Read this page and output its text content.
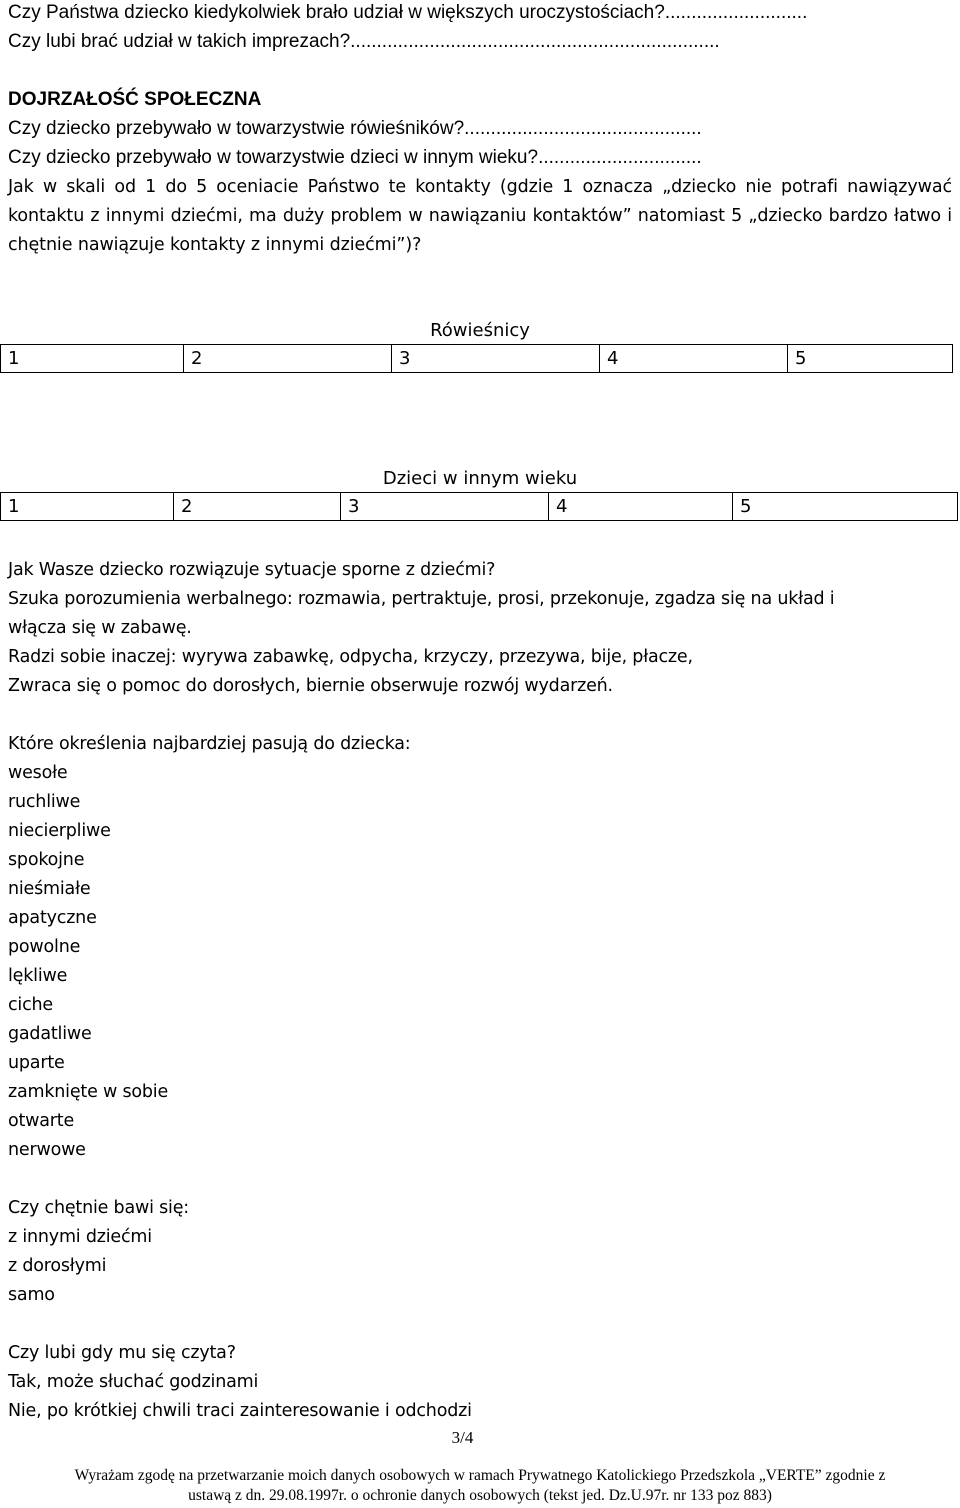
Czy Państwa dziecko kiedykolwiek brało udział w większych uroczystościach?...........................
Czy lubi brać udział w takich imprezach?......................................................................
DOJRZAŁOŚĆ SPOŁECZNA
Czy dziecko przebywało w towarzystwie rówieśników?.............................................
Czy dziecko przebywało w towarzystwie dzieci w innym wieku?...............................
Jak w skali od 1 do 5 oceniacie Państwo te kontakty (gdzie 1 oznacza „dziecko nie potrafi nawiązywać kontaktu z innymi dziećmi, ma duży problem w nawiązaniu kontaktów” natomiast 5 „dziecko bardzo łatwo i chętnie nawiązuje kontakty z innymi dziećmi”)?
Rówieśnicy
1	2	3	4	5
Dzieci w innym wieku
1	2	3	4	5
Jak Wasze dziecko rozwiązuje sytuacje sporne z dziećmi?
Szuka porozumienia werbalnego: rozmawia, pertraktuje, prosi, przekonuje, zgadza się na układ i
włącza się w zabawę.
Radzi sobie inaczej: wyrywa zabawkę, odpycha, krzyczy, przezywa, bije, płacze,
Zwraca się o pomoc do dorosłych, biernie obserwuje rozwój wydarzeń.
Które określenia najbardziej pasują do dziecka:
wesołe
ruchliwe
niecierpliwe
spokojne
nieśmiałe
apatyczne
powolne
lękliwe
ciche
gadatliwe
uparte
zamknięte w sobie
otwarte
nerwowe
Czy chętnie bawi się:
z innymi dziećmi
z dorosłymi
samo
Czy lubi gdy mu się czyta?
Tak, może słuchać godzinami
Nie, po krótkiej chwili traci zainteresowanie i odchodzi
3/4
Wyrażam zgodę na przetwarzanie moich danych osobowych w ramach Prywatnego Katolickiego Przedszkola „VERTE” zgodnie z
ustawą z dn. 29.08.1997r. o ochronie danych osobowych (tekst jed. Dz.U.97r. nr 133 poz 883)
